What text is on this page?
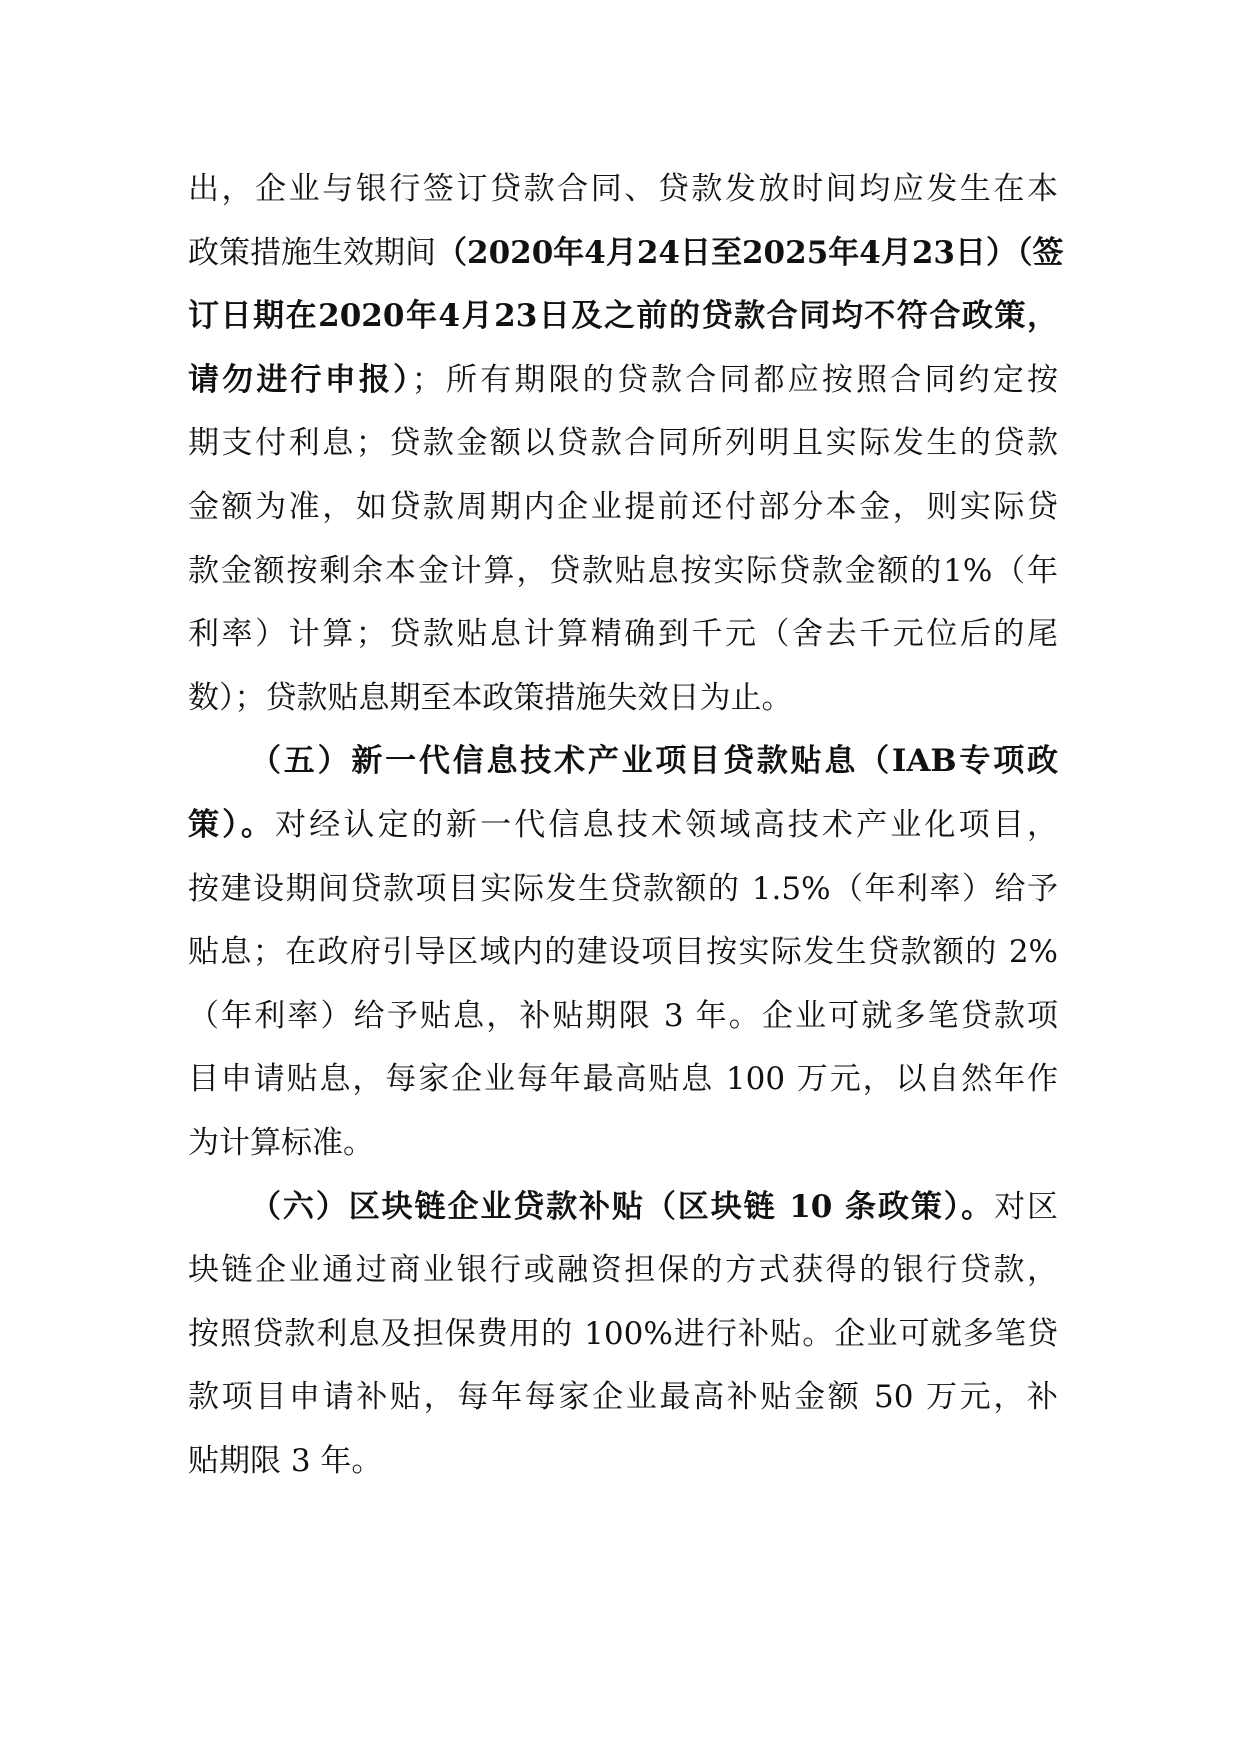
出，企业与银行签订贷款合同、贷款发放时间均应发生在本
政策措施生效期间（2020年4月24日至2025年4月23日）（签
订日期在2020年4月23日及之前的贷款合同均不符合政策，
请勿进行申报）；所有期限的贷款合同都应按照合同约定按
期支付利息；贷款金额以贷款合同所列明且实际发生的贷款
金额为准，如贷款周期内企业提前还付部分本金，则实际贷
款金额按剩余本金计算，贷款贴息按实际贷款金额的1%（年
利率）计算；贷款贴息计算精确到千元（舍去千元位后的尾
数）；贷款贴息期至本政策措施失效日为止。
（五）新一代信息技术产业项目贷款贴息（IAB专项政
策）。对经认定的新一代信息技术领域高技术产业化项目，
按建设期间贷款项目实际发生贷款额的 1.5%（年利率）给予
贴息；在政府引导区域内的建设项目按实际发生贷款额的 2%
（年利率）给予贴息，补贴期限 3 年。企业可就多笔贷款项
目申请贴息，每家企业每年最高贴息 100 万元，以自然年作
为计算标准。
（六）区块链企业贷款补贴（区块链 10 条政策）。对区
块链企业通过商业银行或融资担保的方式获得的银行贷款，
按照贷款利息及担保费用的 100%进行补贴。企业可就多笔贷
款项目申请补贴，每年每家企业最高补贴金额 50 万元，补
贴期限 3 年。
